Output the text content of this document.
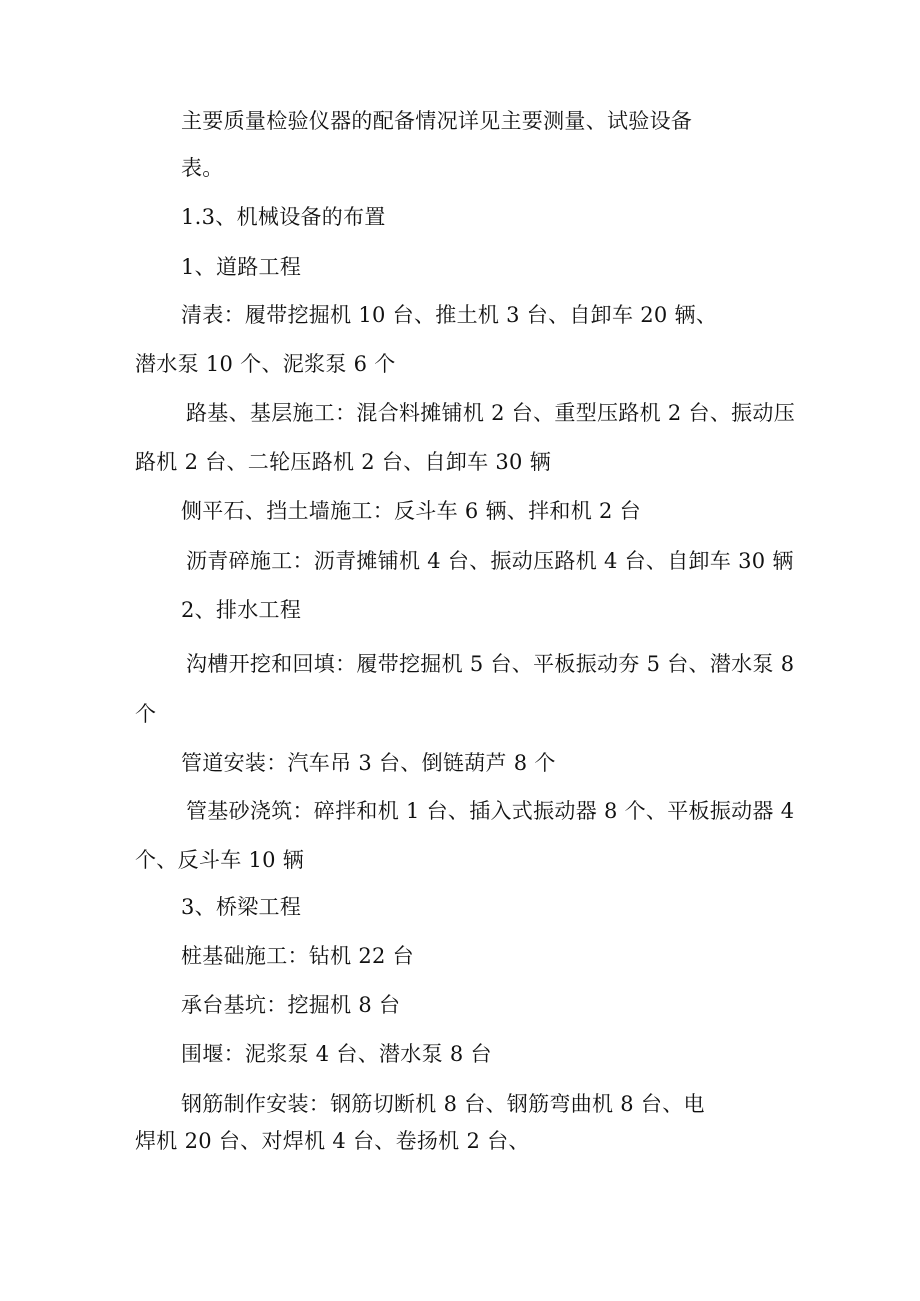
主要质量检验仪器的配备情况详见主要测量、试验设备
表。
1.3、机械设备的布置
1、道路工程
清表：履带挖掘机 10 台、推土机 3 台、自卸车 20 辆、
潜水泵 10 个、泥浆泵 6 个
路基、基层施工：混合料摊铺机 2 台、重型压路机 2 台、振动压
路机 2 台、二轮压路机 2 台、自卸车 30 辆
侧平石、挡土墙施工：反斗车 6 辆、拌和机 2 台
沥青碎施工：沥青摊铺机 4 台、振动压路机 4 台、自卸车 30 辆
2、排水工程
沟槽开挖和回填：履带挖掘机 5 台、平板振动夯 5 台、潜水泵 8
个
管道安装：汽车吊 3 台、倒链葫芦 8 个
管基砂浇筑：碎拌和机 1 台、插入式振动器 8 个、平板振动器 4
个、反斗车 10 辆
3、桥梁工程
桩基础施工：钻机 22 台
承台基坑：挖掘机 8 台
围堰：泥浆泵 4 台、潜水泵 8 台
钢筋制作安装：钢筋切断机 8 台、钢筋弯曲机 8 台、电
焊机 20 台、对焊机 4 台、卷扬机 2 台、
